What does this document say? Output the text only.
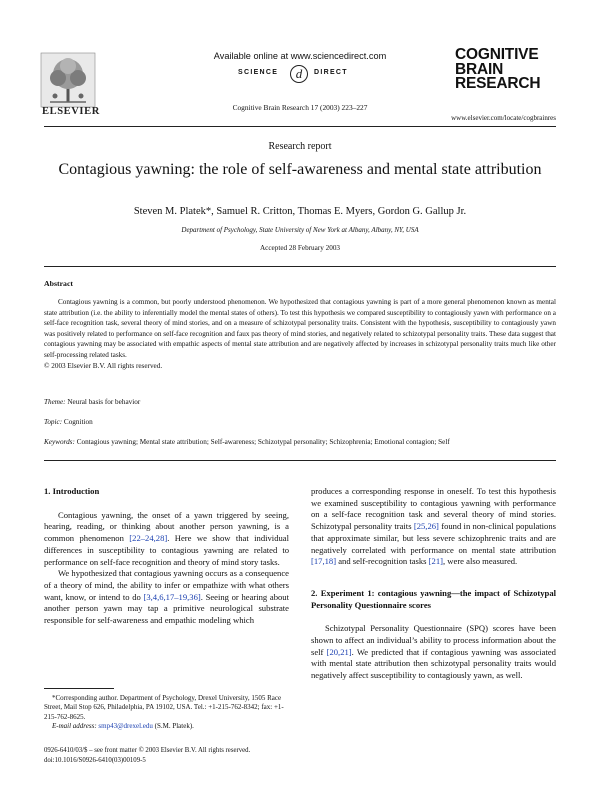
ELSEVIER
Available online at www.sciencedirect.com
SCIENCE d DIRECT
Cognitive Brain Research 17 (2003) 223–227
COGNITIVE
BRAIN
RESEARCH
www.elsevier.com/locate/cogbrainres
Research report
Contagious yawning: the role of self-awareness and mental state attribution
Steven M. Platek*, Samuel R. Critton, Thomas E. Myers, Gordon G. Gallup Jr.
Department of Psychology, State University of New York at Albany, Albany, NY, USA
Accepted 28 February 2003
Abstract
Contagious yawning is a common, but poorly understood phenomenon. We hypothesized that contagious yawning is part of a more general phenomenon known as mental state attribution (i.e. the ability to inferentially model the mental states of others). To test this hypothesis we compared susceptibility to contagiously yawn with performance on a self-face recognition task, several theory of mind stories, and on a measure of schizotypal personality traits. Consistent with the hypothesis, susceptibility to contagiously yawn was positively related to performance on self-face recognition and faux pas theory of mind stories, and negatively related to schizotypal personality traits. These data suggest that contagious yawning may be associated with empathic aspects of mental state attribution and are negatively affected by increases in schizotypal personality traits much like other self-processing related tasks.
© 2003 Elsevier B.V. All rights reserved.
Theme: Neural basis for behavior
Topic: Cognition
Keywords: Contagious yawning; Mental state attribution; Self-awareness; Schizotypal personality; Schizophrenia; Emotional contagion; Self
1. Introduction
Contagious yawning, the onset of a yawn triggered by seeing, hearing, reading, or thinking about another person yawning, is a common phenomenon [22–24,28]. Here we show that individual differences in susceptibility to contagious yawning are related to performance on self-face recognition and theory of mind story tasks.
We hypothesized that contagious yawning occurs as a consequence of a theory of mind, the ability to infer or empathize with what others want, know, or intend to do [3,4,6,17–19,36]. Seeing or hearing about another person yawn may tap a primitive neurological substrate responsible for self-awareness and empathic modeling which
produces a corresponding response in oneself. To test this hypothesis we examined susceptibility to contagious yawning with performance on a self-face recognition task and several theory of mind stories. Schizotypal personality traits [25,26] found in non-clinical populations that approximate similar, but less severe schizophrenic traits and are negatively correlated with performance on mental state attribution [17,18] and self-recognition tasks [21], were also measured.
2. Experiment 1: contagious yawning—the impact of Schizotypal Personality Questionnaire scores
Schizotypal Personality Questionnaire (SPQ) scores have been shown to affect an individual’s ability to process information about the self [20,21]. We predicted that if contagious yawning was associated with mental state attribution then schizotypal personality traits would negatively affect susceptibility to contagiously yawn, as well.
*Corresponding author. Department of Psychology, Drexel University, 1505 Race Street, Mail Stop 626, Philadelphia, PA 19102, USA. Tel.: +1-215-762-8342; fax: +1-215-762-8625.
E-mail address: smp43@drexel.edu (S.M. Platek).
0926-6410/03/$ – see front matter © 2003 Elsevier B.V. All rights reserved.
doi:10.1016/S0926-6410(03)00109-5
